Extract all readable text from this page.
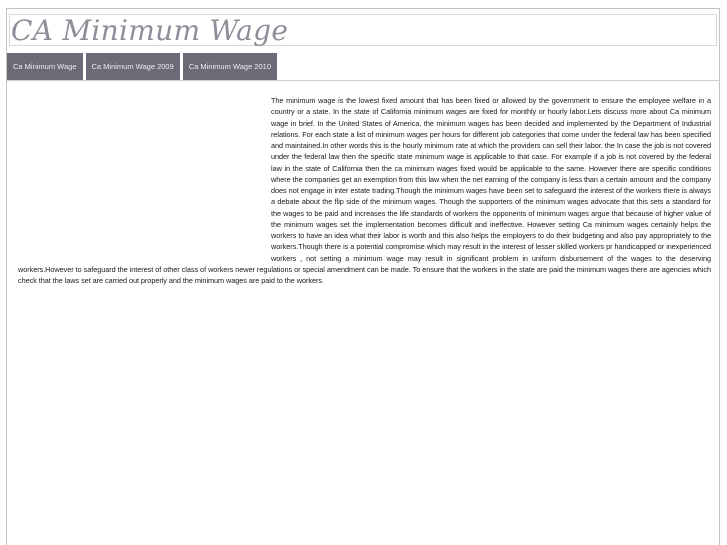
CA Minimum Wage
Ca Minimum Wage	Ca Minimum Wage 2009	Ca Minimum Wage 2010

The minimum wage is the lowest fixed amount that has been fixed or allowed by the government to ensure the employee welfare in a country or a state. In the state of California minimum wages are fixed for monthly or hourly labor.Lets discuss more about Ca minimum wage in brief. In the United States of America, the minimum wages has been decided and implemented by the Department of Industrial relations. For each state a list of minimum wages per hours for different job categories that come under the federal law has been specified and maintained.In other words this is the hourly minimum rate at which the providers can sell their labor. the In case the job is not covered under the federal law then the specific state minimum wage is applicable to that case. For example if a job is not covered by the federal law in the state of California then the ca minimum wages fixed would be applicable to the same. However there are specific conditions where the companies get an exemption from this law when the net earning of the company is less than a certain amount and the company does not engage in inter estate trading.Though the minimum wages have been set to safeguard the interest of the workers there is always a debate about the flip side of the minimum wages. Though the supporters of the minimum wages advocate that this sets a standard for the wages to be paid and increases the life standards of workers the opponents of minimum wages argue that because of higher value of the minimum wages set the implementation becomes difficult and ineffective. However setting Ca minimum wages certainly helps the workers to have an idea what their labor is worth and this also helps the employers to do their budgeting and also pay appropriately to the workers.Though there is a potential compromise which may result in the interest of lesser skilled workers pr handicapped or inexperienced workers , not setting a minimum wage may result in significant problem in uniform disbursement of the wages to the deserving workers.However to safeguard the interest of other class of workers newer regulations or special amendment can be made. To ensure that the workers in the state are paid the minimum wages there are agencies which check that the laws set are carried out properly and the minimum wages are paid to the workers.
